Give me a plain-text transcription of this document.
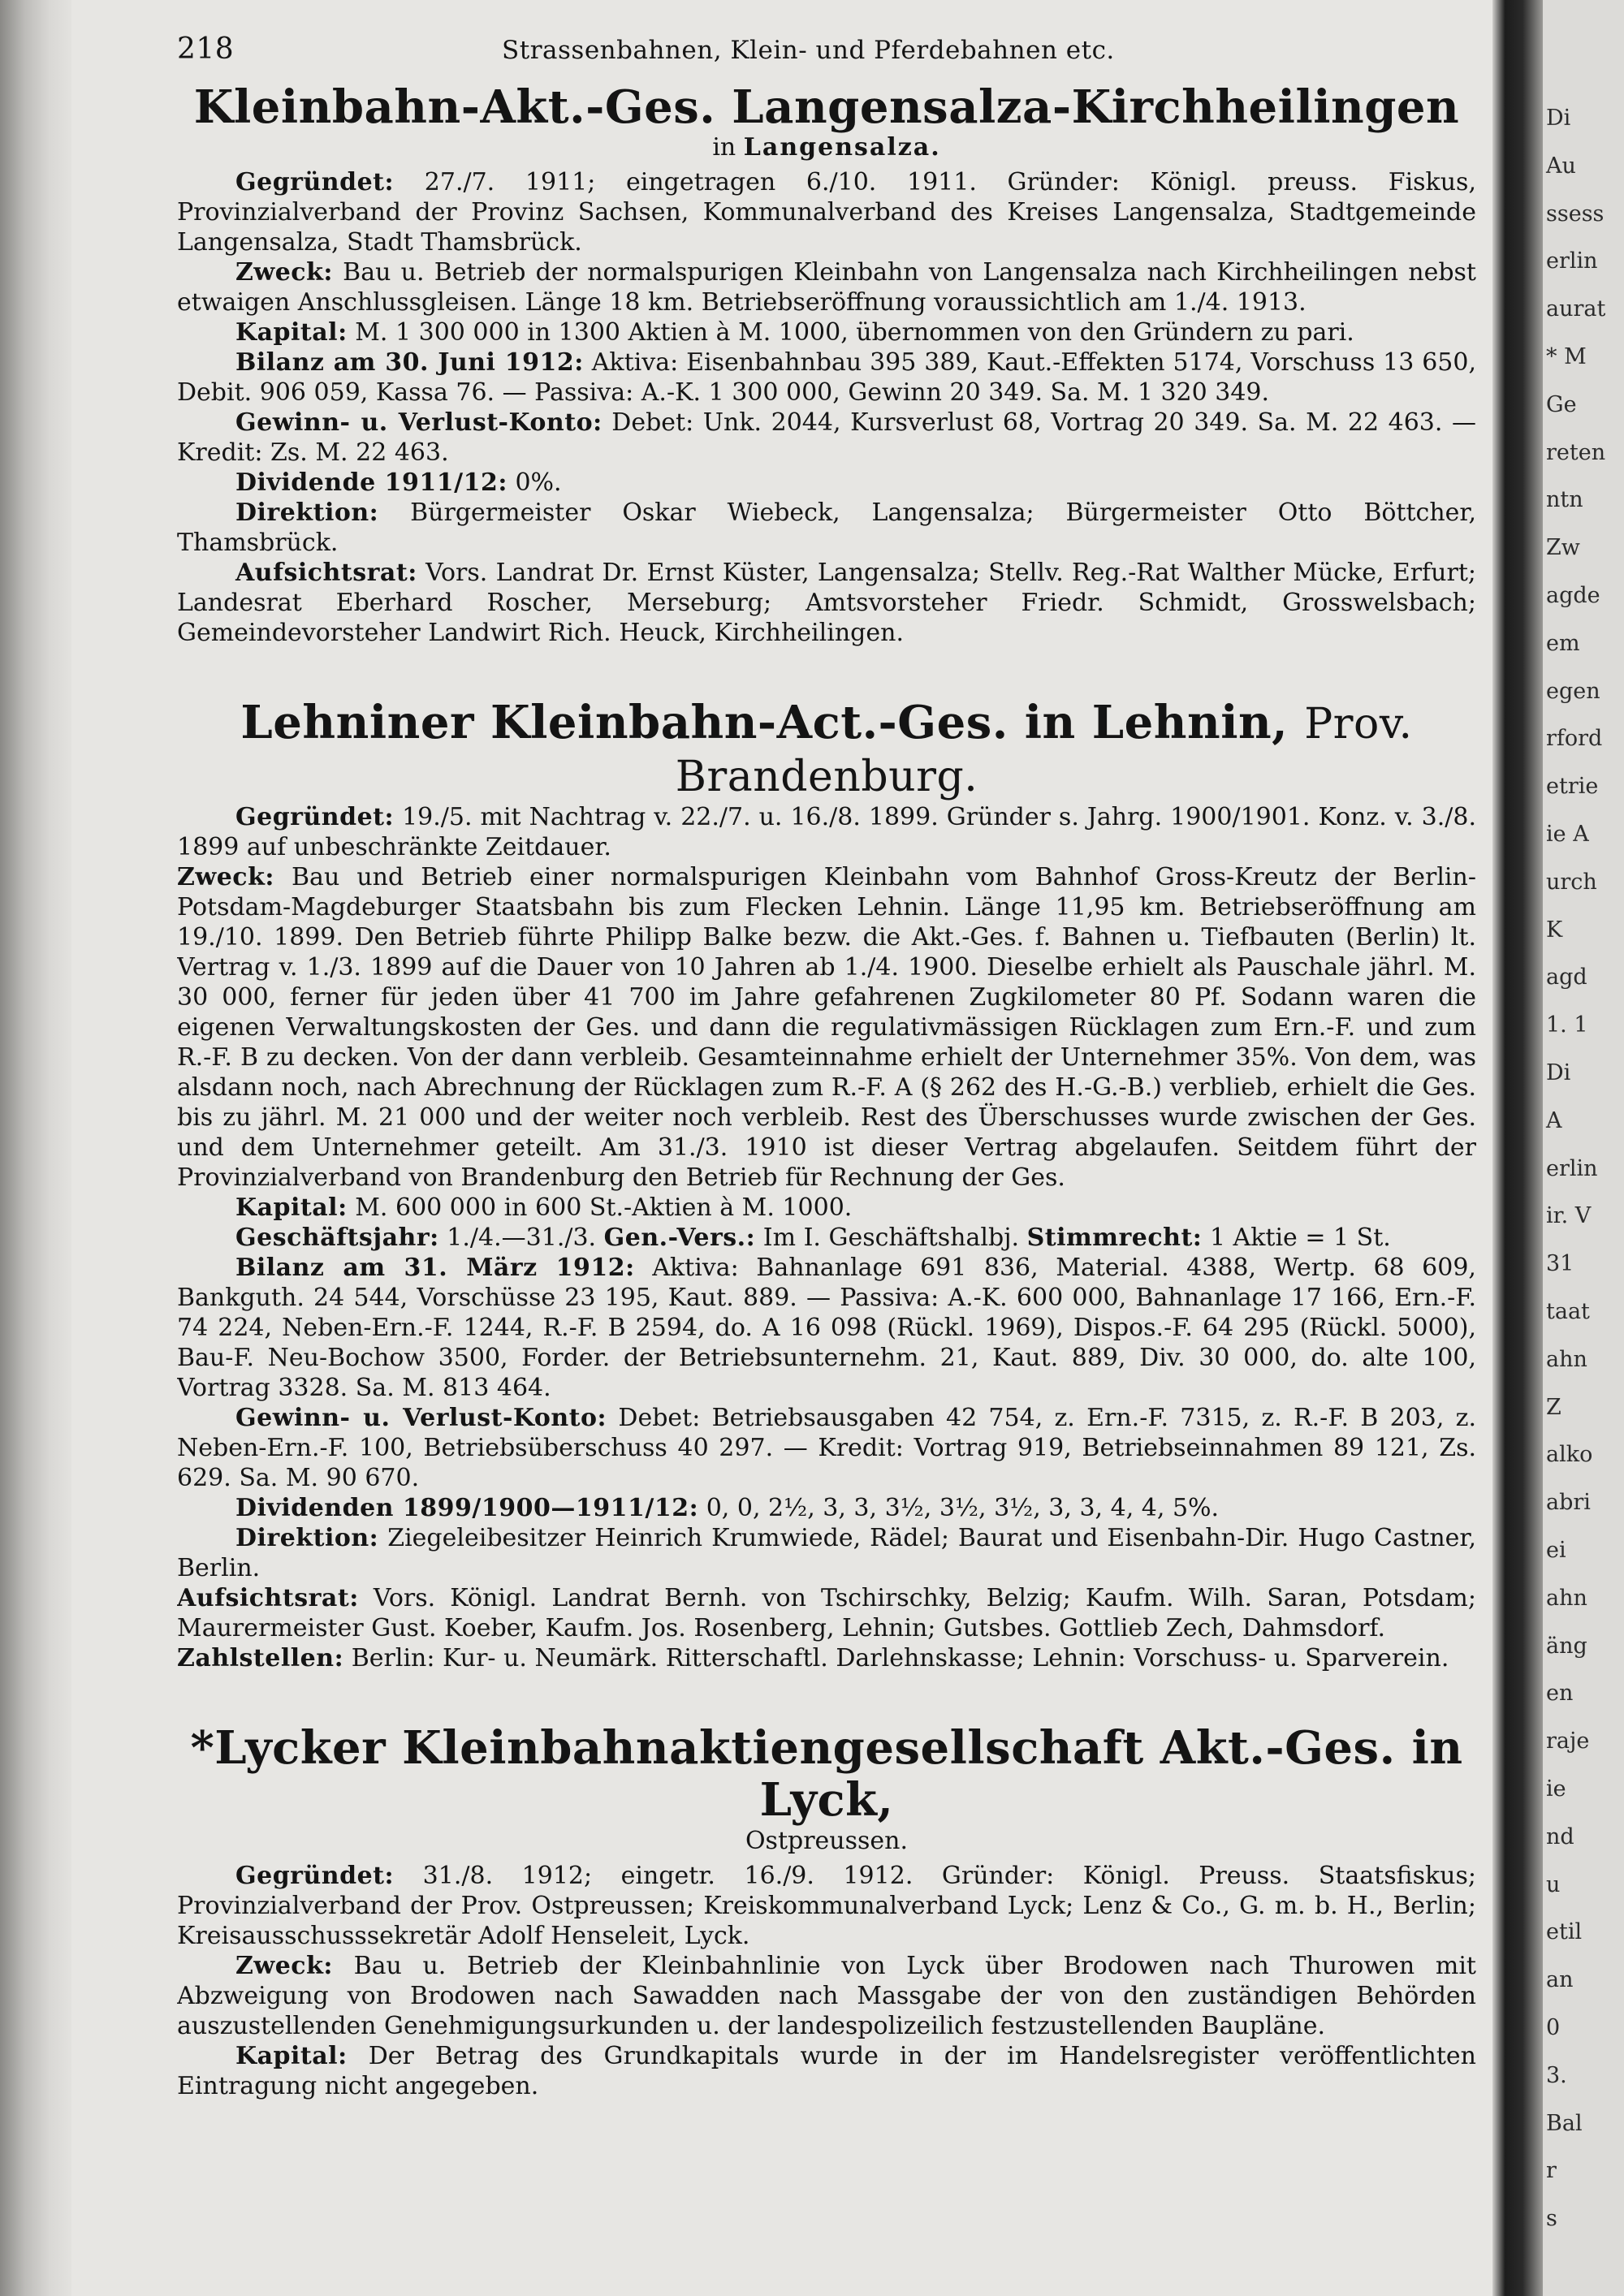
218	Strassenbahnen, Klein- und Pferdebahnen etc.
Kleinbahn-Akt.-Ges. Langensalza-Kirchheilingen

in Langensalza.

Gegründet: 27./7. 1911; eingetragen 6./10. 1911. Gründer: Königl. preuss. Fiskus, Provinzialverband der Provinz Sachsen, Kommunalverband des Kreises Langensalza, Stadtgemeinde Langensalza, Stadt Thamsbrück.

Zweck: Bau u. Betrieb der normalspurigen Kleinbahn von Langensalza nach Kirchheilingen nebst etwaigen Anschlussgleisen. Länge 18 km. Betriebseröffnung voraussichtlich am 1./4. 1913.

Kapital: M. 1 300 000 in 1300 Aktien à M. 1000, übernommen von den Gründern zu pari.

Bilanz am 30. Juni 1912: Aktiva: Eisenbahnbau 395 389, Kaut.-Effekten 5174, Vorschuss 13 650, Debit. 906 059, Kassa 76. — Passiva: A.-K. 1 300 000, Gewinn 20 349. Sa. M. 1 320 349.

Gewinn- u. Verlust-Konto: Debet: Unk. 2044, Kursverlust 68, Vortrag 20 349. Sa. M. 22 463. — Kredit: Zs. M. 22 463.

Dividende 1911/12: 0%.

Direktion: Bürgermeister Oskar Wiebeck, Langensalza; Bürgermeister Otto Böttcher, Thamsbrück.

Aufsichtsrat: Vors. Landrat Dr. Ernst Küster, Langensalza; Stellv. Reg.-Rat Walther Mücke, Erfurt; Landesrat Eberhard Roscher, Merseburg; Amtsvorsteher Friedr. Schmidt, Grosswelsbach; Gemeindevorsteher Landwirt Rich. Heuck, Kirchheilingen.

Lehniner Kleinbahn-Act.-Ges. in Lehnin, Prov. Brandenburg.

Gegründet: 19./5. mit Nachtrag v. 22./7. u. 16./8. 1899. Gründer s. Jahrg. 1900/1901. Konz. v. 3./8. 1899 auf unbeschränkte Zeitdauer.

Zweck: Bau und Betrieb einer normalspurigen Kleinbahn vom Bahnhof Gross-Kreutz der Berlin-Potsdam-Magdeburger Staatsbahn bis zum Flecken Lehnin. Länge 11,95 km. Betriebseröffnung am 19./10. 1899. Den Betrieb führte Philipp Balke bezw. die Akt.-Ges. f. Bahnen u. Tiefbauten (Berlin) lt. Vertrag v. 1./3. 1899 auf die Dauer von 10 Jahren ab 1./4. 1900. Dieselbe erhielt als Pauschale jährl. M. 30 000, ferner für jeden über 41 700 im Jahre gefahrenen Zugkilometer 80 Pf. Sodann waren die eigenen Verwaltungskosten der Ges. und dann die regulativmässigen Rücklagen zum Ern.-F. und zum R.-F. B zu decken. Von der dann verbleib. Gesamteinnahme erhielt der Unternehmer 35%. Von dem, was alsdann noch, nach Abrechnung der Rücklagen zum R.-F. A (§ 262 des H.-G.-B.) verblieb, erhielt die Ges. bis zu jährl. M. 21 000 und der weiter noch verbleib. Rest des Überschusses wurde zwischen der Ges. und dem Unternehmer geteilt. Am 31./3. 1910 ist dieser Vertrag abgelaufen. Seitdem führt der Provinzialverband von Brandenburg den Betrieb für Rechnung der Ges.

Kapital: M. 600 000 in 600 St.-Aktien à M. 1000.

Geschäftsjahr: 1./4.—31./3. Gen.-Vers.: Im I. Geschäftshalbj. Stimmrecht: 1 Aktie = 1 St.

Bilanz am 31. März 1912: Aktiva: Bahnanlage 691 836, Material. 4388, Wertp. 68 609, Bankguth. 24 544, Vorschüsse 23 195, Kaut. 889. — Passiva: A.-K. 600 000, Bahnanlage 17 166, Ern.-F. 74 224, Neben-Ern.-F. 1244, R.-F. B 2594, do. A 16 098 (Rückl. 1969), Dispos.-F. 64 295 (Rückl. 5000), Bau-F. Neu-Bochow 3500, Forder. der Betriebsunternehm. 21, Kaut. 889, Div. 30 000, do. alte 100, Vortrag 3328. Sa. M. 813 464.

Gewinn- u. Verlust-Konto: Debet: Betriebsausgaben 42 754, z. Ern.-F. 7315, z. R.-F. B 203, z. Neben-Ern.-F. 100, Betriebsüberschuss 40 297. — Kredit: Vortrag 919, Betriebseinnahmen 89 121, Zs. 629. Sa. M. 90 670.

Dividenden 1899/1900—1911/12: 0, 0, 2½, 3, 3, 3½, 3½, 3½, 3, 3, 4, 4, 5%.

Direktion: Ziegeleibesitzer Heinrich Krumwiede, Rädel; Baurat und Eisenbahn-Dir. Hugo Castner, Berlin.

Aufsichtsrat: Vors. Königl. Landrat Bernh. von Tschirschky, Belzig; Kaufm. Wilh. Saran, Potsdam; Maurermeister Gust. Koeber, Kaufm. Jos. Rosenberg, Lehnin; Gutsbes. Gottlieb Zech, Dahmsdorf.

Zahlstellen: Berlin: Kur- u. Neumärk. Ritterschaftl. Darlehnskasse; Lehnin: Vorschuss- u. Sparverein.

*Lycker Kleinbahnaktiengesellschaft Akt.-Ges. in Lyck,

Ostpreussen.

Gegründet: 31./8. 1912; eingetr. 16./9. 1912. Gründer: Königl. Preuss. Staatsfiskus; Provinzialverband der Prov. Ostpreussen; Kreiskommunalverband Lyck; Lenz & Co., G. m. b. H., Berlin; Kreisausschusssekretär Adolf Henseleit, Lyck.

Zweck: Bau u. Betrieb der Kleinbahnlinie von Lyck über Brodowen nach Thurowen mit Abzweigung von Brodowen nach Sawadden nach Massgabe der von den zuständigen Behörden auszustellenden Genehmigungsurkunden u. der landespolizeilich festzustellenden Baupläne.

Kapital: Der Betrag des Grundkapitals wurde in der im Handelsregister veröffentlichten Eintragung nicht angegeben.

Di
Au
ssess
erlin
aurat
* M
Ge
reten
ntn
Zw
agde
em
egen
rford
etrie
ie A
urch
K
agd
1. 1
Di
A
erlin
ir. V
31
taat
ahn
Z
alko
abri
ei
ahn
äng
en
raje
ie
nd
u
etil
an
0
3.
Bal
r
s
